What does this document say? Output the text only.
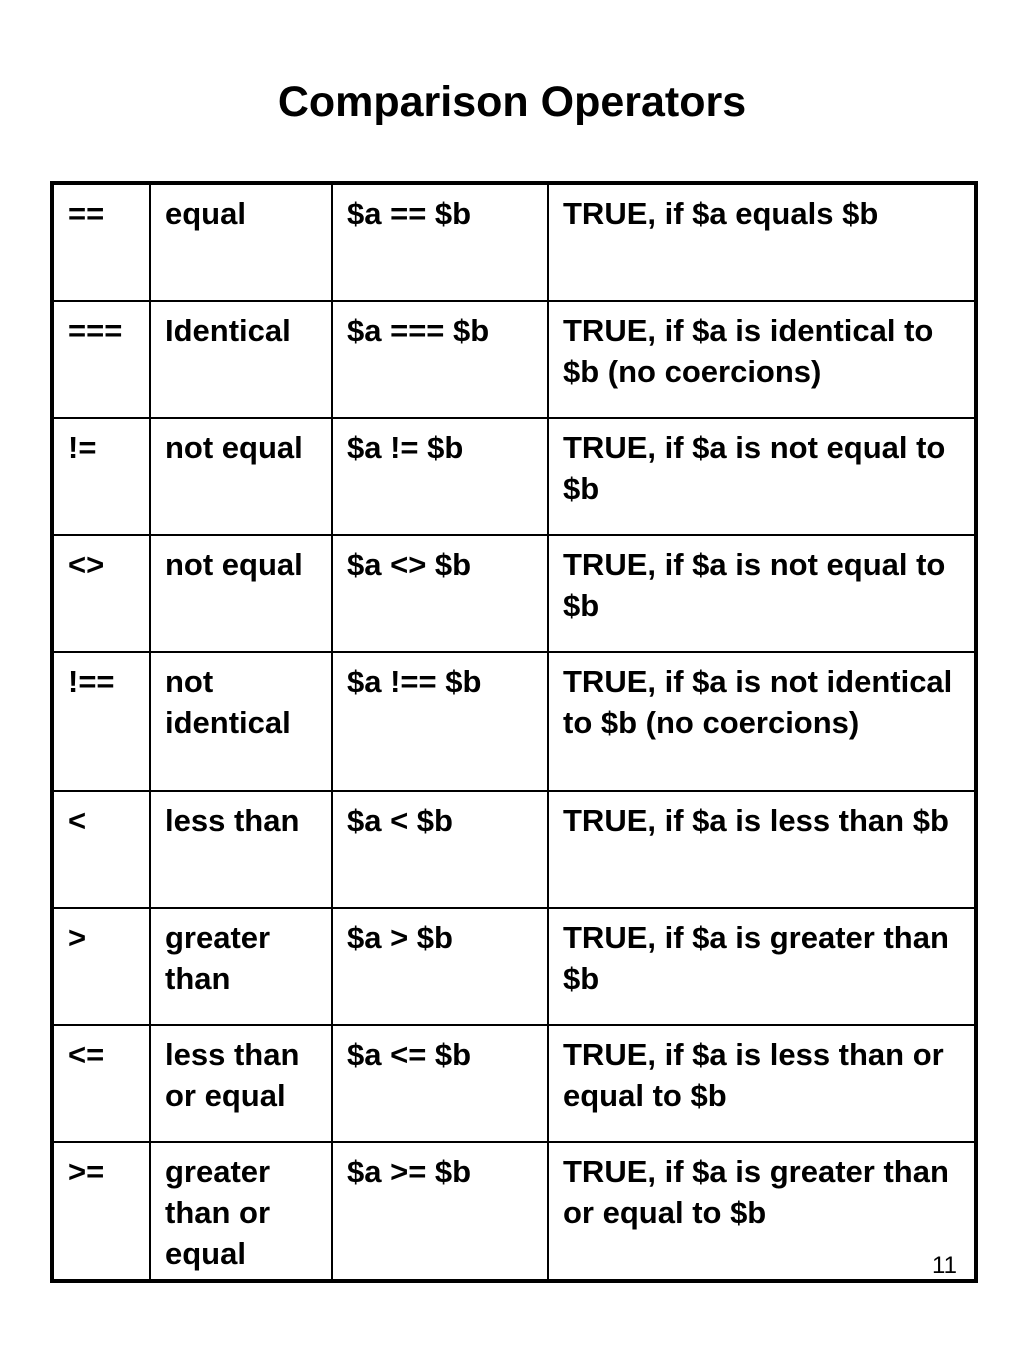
Comparison Operators
==	equal	$a == $b	TRUE, if $a equals $b
===	Identical	$a === $b	TRUE, if $a is identical to $b (no coercions)
!=	not equal	$a != $b	TRUE, if $a is not equal to $b
<>	not equal	$a <> $b	TRUE, if $a is not equal to $b
!==	not identical	$a !== $b	TRUE, if $a is not identical to $b (no coercions)
<	less than	$a < $b	TRUE, if $a is less than $b
>	greater than	$a > $b	TRUE, if $a is greater than $b
<=	less than or equal	$a <= $b	TRUE, if $a is less than or equal to $b
>=	greater than or equal	$a >= $b	TRUE, if $a is greater than or equal to $b
11
